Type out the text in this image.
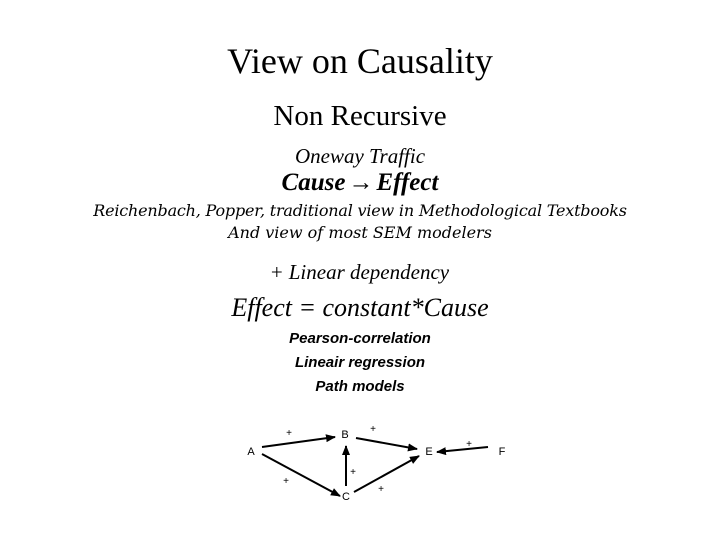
View on Causality
Non Recursive
Oneway Traffic
Cause → Effect
Reichenbach, Popper, traditional view in Methodological Textbooks
And view of most SEM modelers
+ Linear dependency
Effect = constant*Cause
Pearson-correlation
Lineair regression
Path models
A
B
C
E	F
+	+
+
+
+
+
